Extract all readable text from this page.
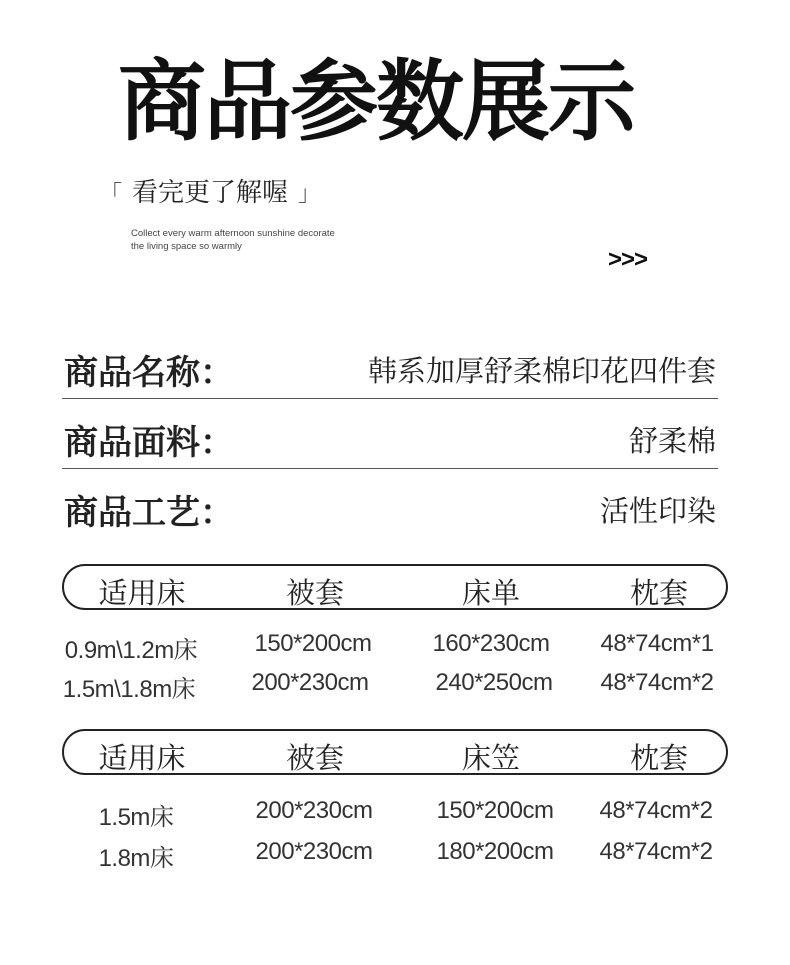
商品参数展示
「 看完更了解喔 」
Collect every warm afternoon sunshine decorate
the living space so warmly	>>>
商品名称：	韩系加厚舒柔棉印花四件套
商品面料：	舒柔棉
商品工艺：	活性印染
适用床	被套	床单	枕套
0.9m\1.2m床 150*200cm	160*230cm 48*74cm*1
1.5m\1.8m床 200*230cm	240*250cm 48*74cm*2
适用床	被套	床笠	枕套
1.5m床	200*230cm	150*200cm 48*74cm*2
1.8m床	200*230cm	180*200cm 48*74cm*2
